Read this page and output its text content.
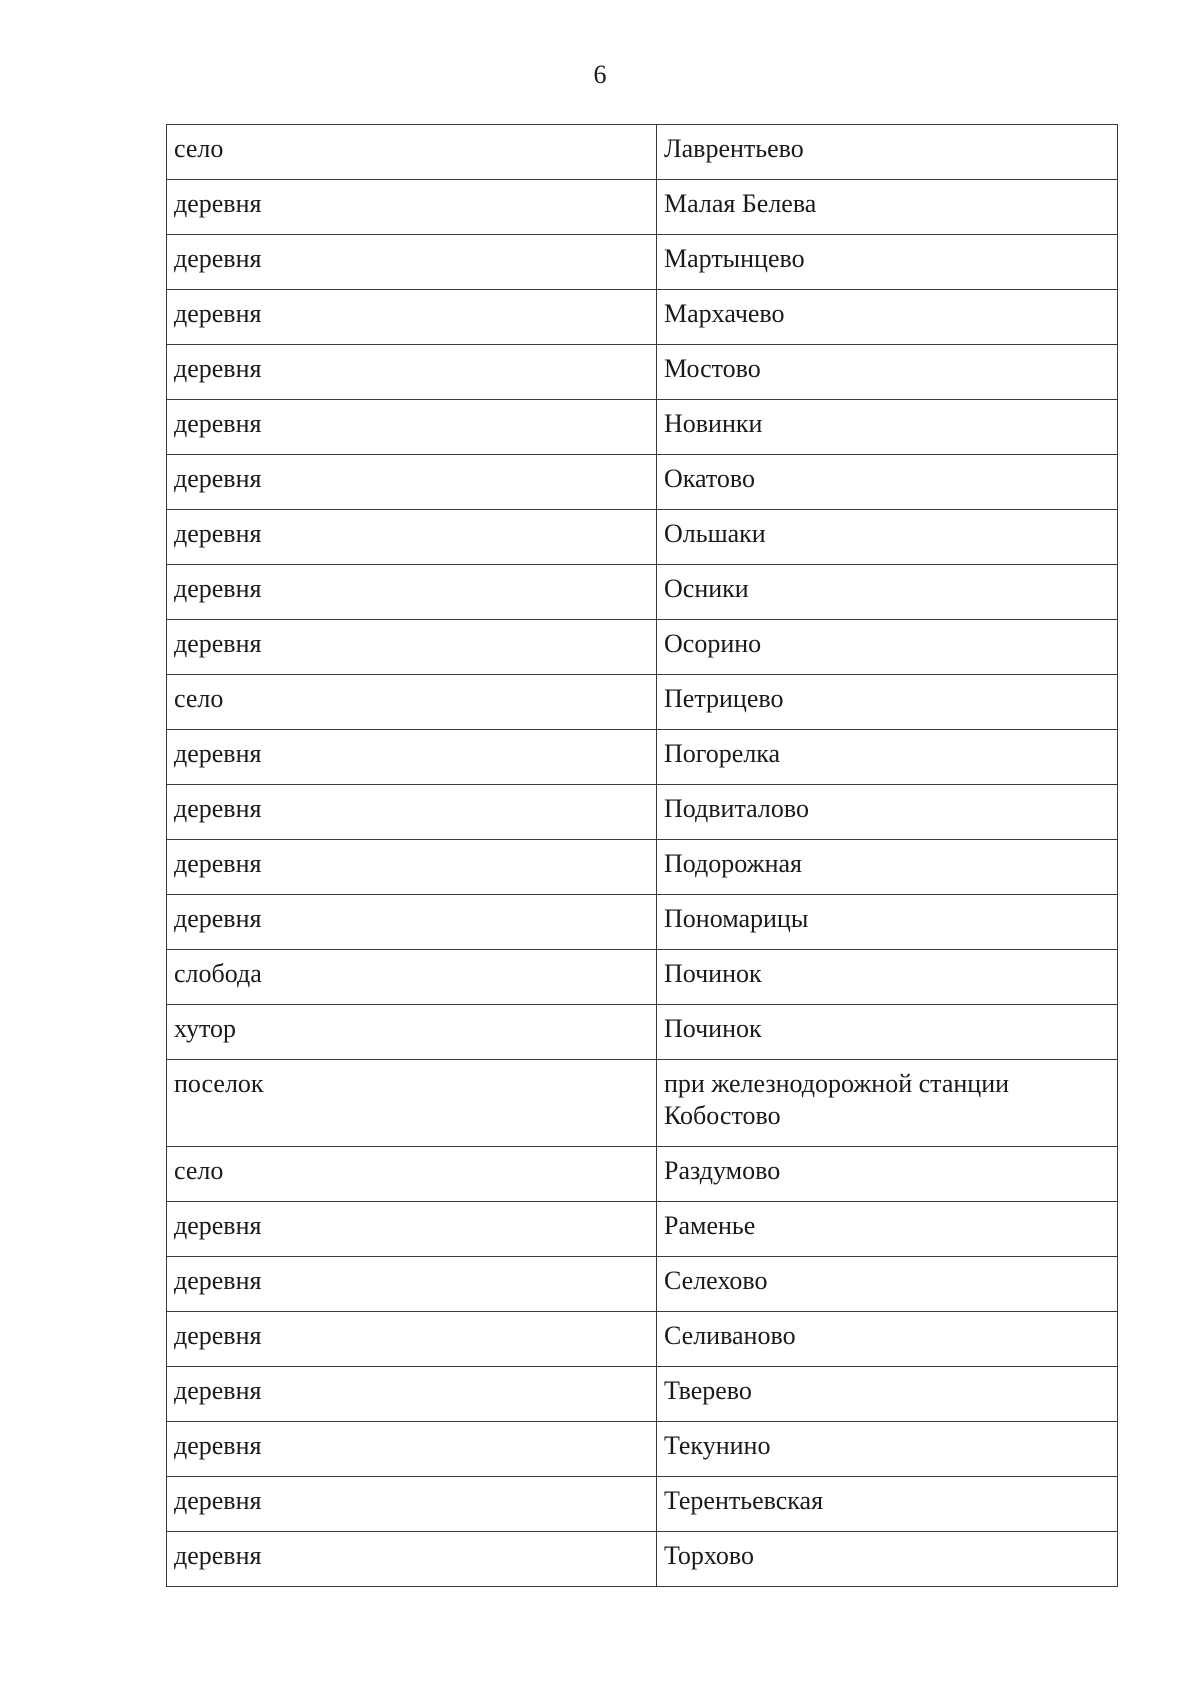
6
село	Лаврентьево
деревня	Малая Белева
деревня	Мартынцево
деревня	Мархачево
деревня	Мостово
деревня	Новинки
деревня	Окатово
деревня	Ольшаки
деревня	Осники
деревня	Осорино
село	Петрицево
деревня	Погорелка
деревня	Подвиталово
деревня	Подорожная
деревня	Пономарицы
слобода	Починок
хутор	Починок
поселок	при железнодорожной станции Кобостово
село	Раздумово
деревня	Раменье
деревня	Селехово
деревня	Селиваново
деревня	Тверево
деревня	Текунино
деревня	Терентьевская
деревня	Торхово
